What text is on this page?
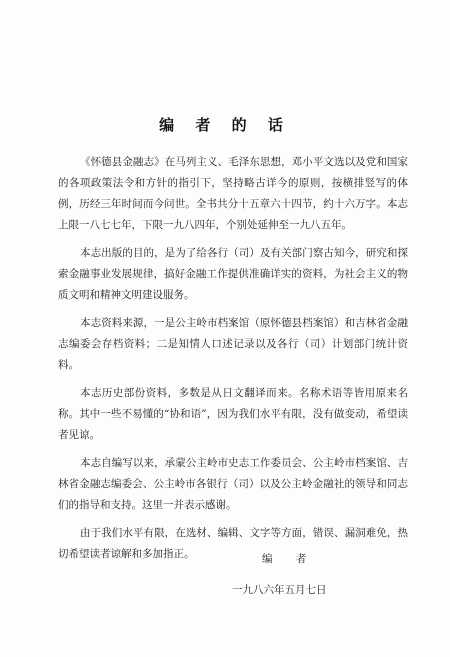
编 者 的 话

《怀德县金融志》在马列主义、毛泽东思想，邓小平文选以及党和国家的各项政策法令和方针的指引下，坚持略古详今的原则，按横排竖写的体例，历经三年时间而今问世。全书共分十五章六十四节，约十六万字。本志上限一八七七年，下限一九八四年，个别处延伸至一九八五年。

本志出版的目的，是为了给各行（司）及有关部门察古知今，研究和探索金融事业发展规律，搞好金融工作提供准确详实的资料，为社会主义的物质文明和精神文明建设服务。

本志资料来源，一是公主岭市档案馆（原怀德县档案馆）和吉林省金融志编委会存档资料；二是知情人口述记录以及各行（司）计划部门统计资料。

本志历史部份资料，多数是从日文翻译而来。名称术语等皆用原来名称。其中一些不易懂的“协和语”，因为我们水平有限，没有做变动，希望读者见谅。

本志自编写以来，承蒙公主岭市史志工作委员会、公主岭市档案馆、吉林省金融志编委会、公主岭市各银行（司）以及公主岭金融社的领导和同志们的指导和支持。这里一并表示感谢。

由于我们水平有限，在选材、编辑、文字等方面，错误、漏洞难免，热切希望读者谅解和多加指正。	编 者
一九八六年五月七日
